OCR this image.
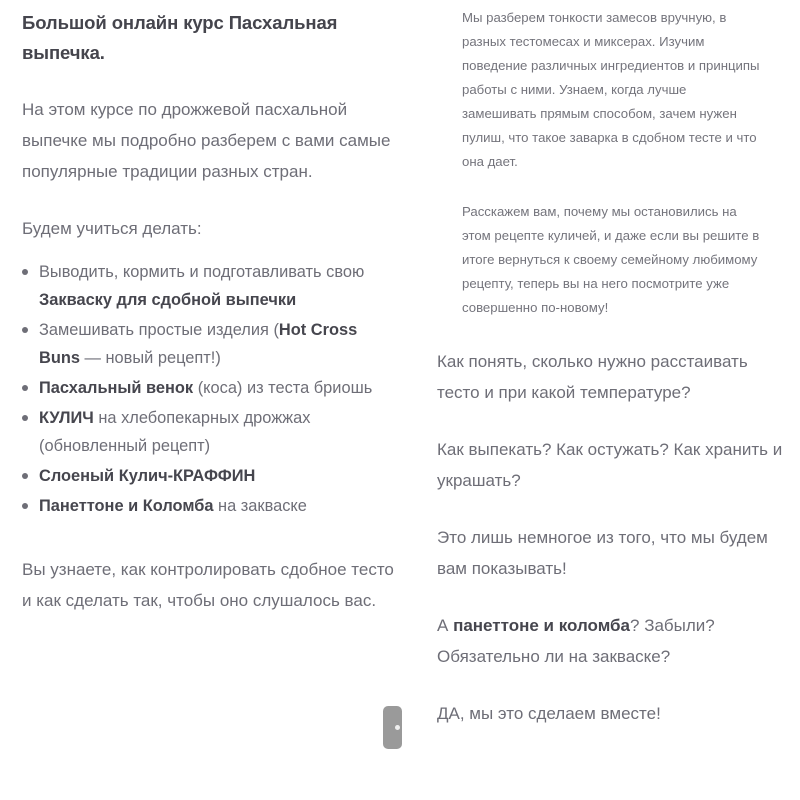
Большой онлайн курс Пасхальная выпечка.

На этом курсе по дрожжевой пасхальной выпечке мы подробно разберем с вами самые популярные традиции разных стран.

Будем учиться делать:

Выводить, кормить и подготавливать свою Закваску для сдобной выпечки
Замешивать простые изделия (Hot Cross Buns — новый рецепт!)
Пасхальный венок (коса) из теста бриошь
КУЛИЧ на хлебопекарных дрожжах (обновленный рецепт)
Слоеный Кулич-КРАФФИН
Панеттоне и Коломба на закваске

Вы узнаете, как контролировать сдобное тесто и как сделать так, чтобы оно слушалось вас.

Мы разберем тонкости замесов вручную, в разных тестомесах и миксерах. Изучим поведение различных ингредиентов и принципы работы с ними. Узнаем, когда лучше замешивать прямым способом, зачем нужен пулиш, что такое заварка в сдобном тесте и что она дает.

Расскажем вам, почему мы остановились на этом рецепте куличей, и даже если вы решите в итоге вернуться к своему семейному любимому рецепту, теперь вы на него посмотрите уже совершенно по-новому!

Как понять, сколько нужно расстаивать тесто и при какой температуре?

Как выпекать? Как остужать? Как хранить и украшать?

Это лишь немногое из того, что мы будем вам показывать!

А панеттоне и коломба? Забыли? Обязательно ли на закваске?

ДА, мы это сделаем вместе!
